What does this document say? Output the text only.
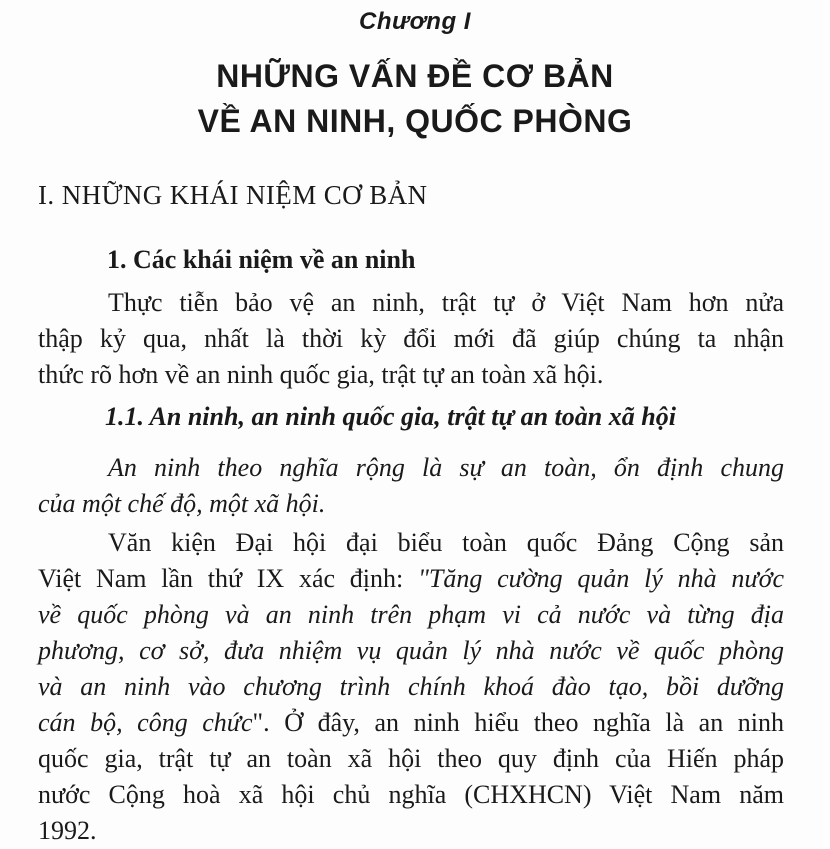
Chương I
NHỮNG VẤN ĐỀ CƠ BẢN
VỀ AN NINH, QUỐC PHÒNG
I. NHỮNG KHÁI NIỆM CƠ BẢN
1. Các khái niệm về an ninh
Thực tiễn bảo vệ an ninh, trật tự ở Việt Nam hơn nửa
thập kỷ qua, nhất là thời kỳ đổi mới đã giúp chúng ta nhận
thức rõ hơn về an ninh quốc gia, trật tự an toàn xã hội.
1.1. An ninh, an ninh quốc gia, trật tự an toàn xã hội
An ninh theo nghĩa rộng là sự an toàn, ổn định chung
của một chế độ, một xã hội.
Văn kiện Đại hội đại biểu toàn quốc Đảng Cộng sản
Việt Nam lần thứ IX xác định: "Tăng cường quản lý nhà nước
về quốc phòng và an ninh trên phạm vi cả nước và từng địa
phương, cơ sở, đưa nhiệm vụ quản lý nhà nước về quốc phòng
và an ninh vào chương trình chính khoá đào tạo, bồi dưỡng
cán bộ, công chức". Ở đây, an ninh hiểu theo nghĩa là an ninh
quốc gia, trật tự an toàn xã hội theo quy định của Hiến pháp
nước Cộng hoà xã hội chủ nghĩa (CHXHCN) Việt Nam năm
1992.
